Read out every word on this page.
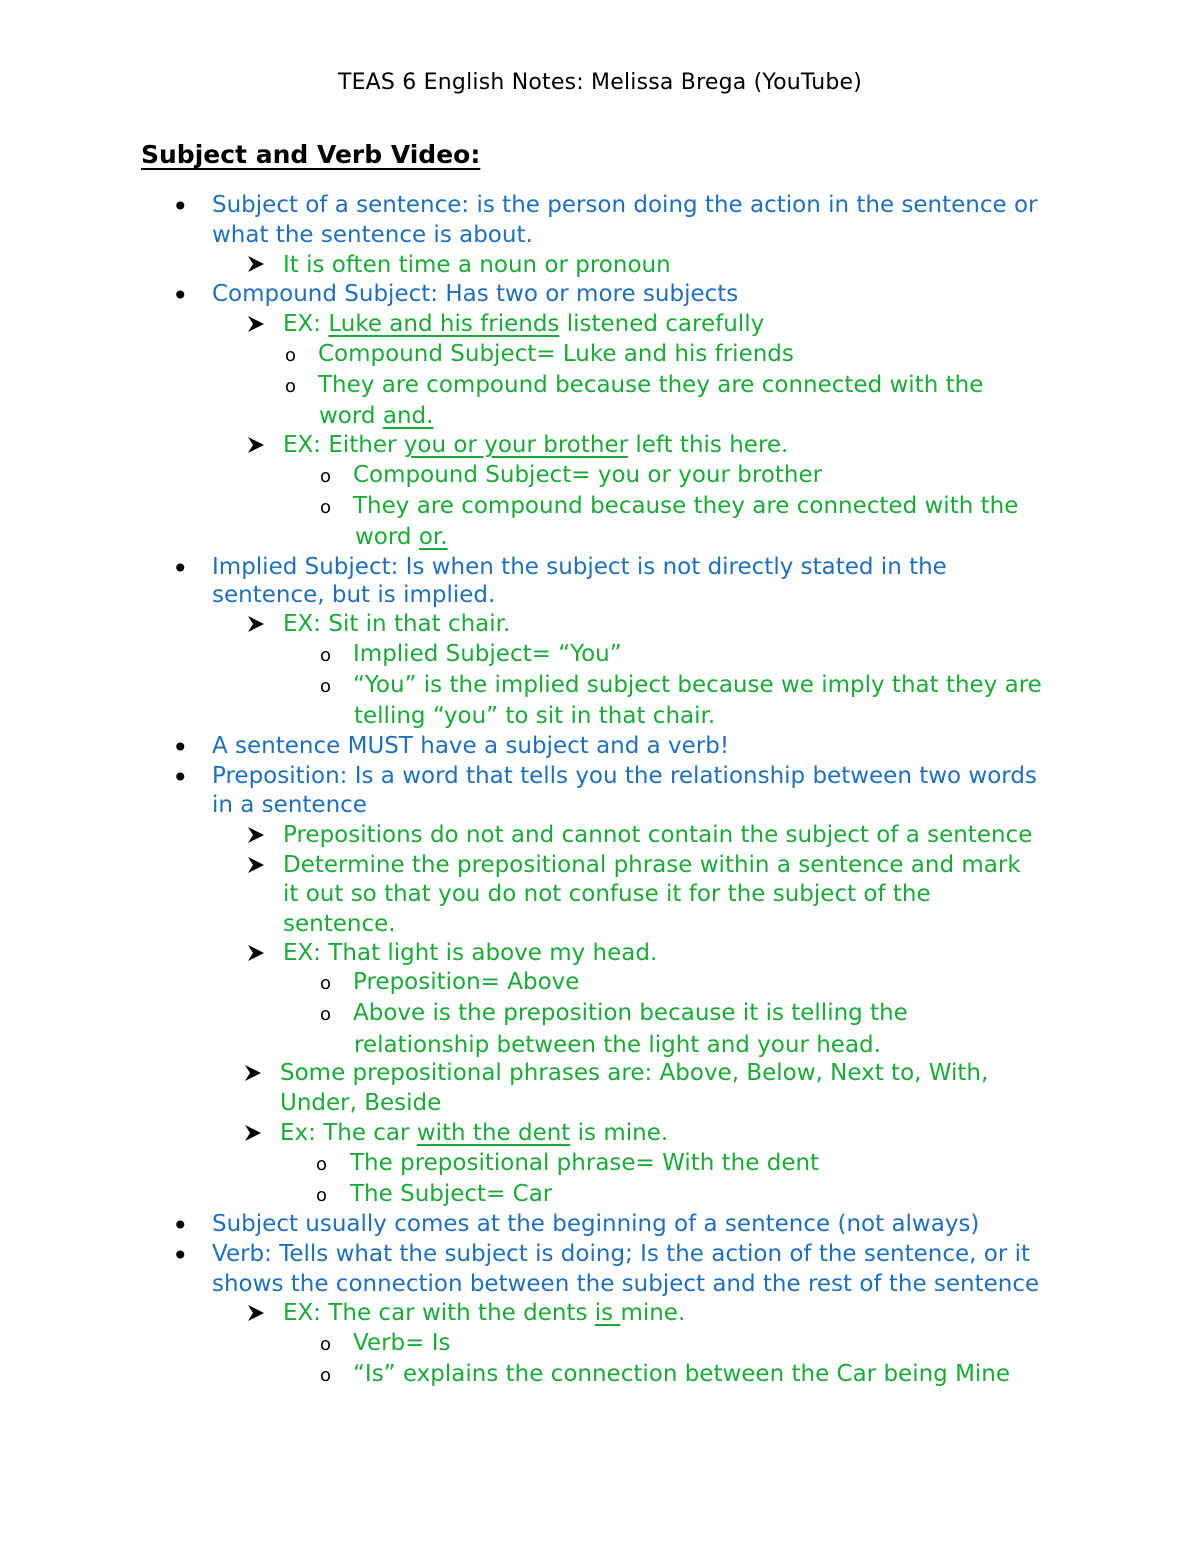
TEAS 6 English Notes: Melissa Brega (YouTube)
Subject and Verb Video:
• Subject of a sentence: is the person doing the action in the sentence or
what the sentence is about.
It is often time a noun or pronoun
• Compound Subject: Has two or more subjects
EX: Luke and his friends listened carefully
o Compound Subject= Luke and his friends
o They are compound because they are connected with the
word and.
EX: Either you or your brother left this here.
o Compound Subject= you or your brother
o They are compound because they are connected with the
word or.
• Implied Subject: Is when the subject is not directly stated in the
sentence, but is implied.
EX: Sit in that chair.
o Implied Subject= “You”
o “You” is the implied subject because we imply that they are
telling “you” to sit in that chair.
• A sentence MUST have a subject and a verb!
• Preposition: Is a word that tells you the relationship between two words
in a sentence
Prepositions do not and cannot contain the subject of a sentence
Determine the prepositional phrase within a sentence and mark
it out so that you do not confuse it for the subject of the
sentence.
EX: That light is above my head.
o Preposition= Above
o Above is the preposition because it is telling the
relationship between the light and your head.
Some prepositional phrases are: Above, Below, Next to, With,
Under, Beside
Ex: The car with the dent is mine.
o The prepositional phrase= With the dent
o The Subject= Car
• Subject usually comes at the beginning of a sentence (not always)
• Verb: Tells what the subject is doing; Is the action of the sentence, or it
shows the connection between the subject and the rest of the sentence
EX: The car with the dents is mine.
o Verb= Is
o “Is” explains the connection between the Car being Mine
